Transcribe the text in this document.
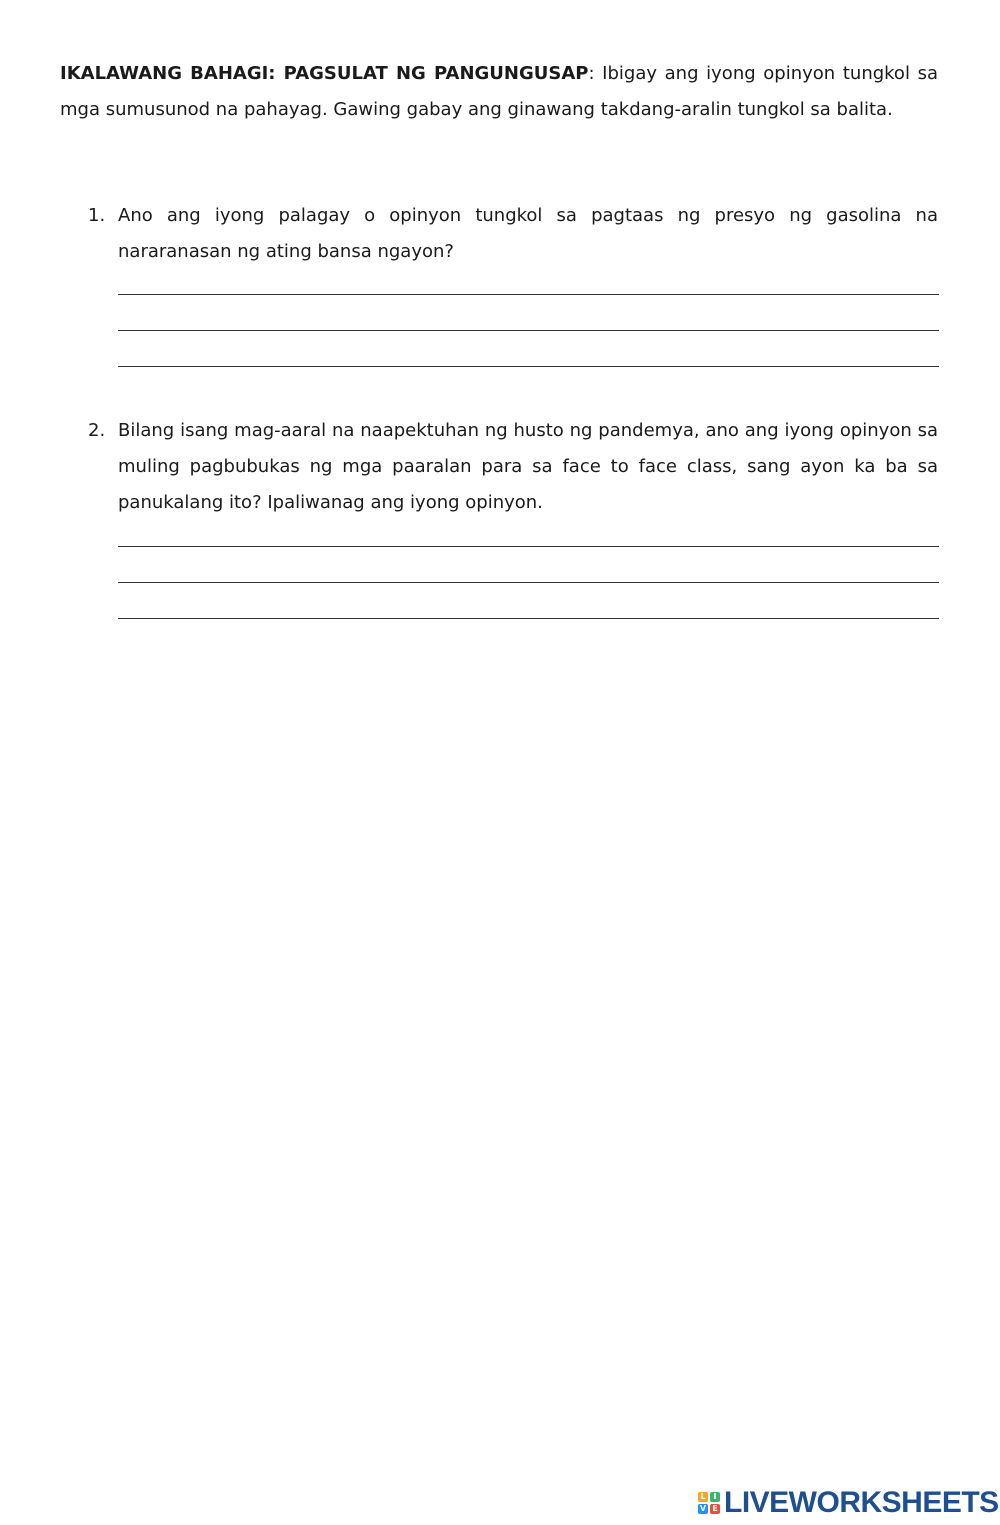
IKALAWANG BAHAGI: PAGSULAT NG PANGUNGUSAP: Ibigay ang iyong opinyon tungkol sa mga sumusunod na pahayag. Gawing gabay ang ginawang takdang-aralin tungkol sa balita.

1. Ano ang iyong palagay o opinyon tungkol sa pagtaas ng presyo ng gasolina na nararanasan ng ating bansa ngayon?
2. Bilang isang mag-aaral na naapektuhan ng husto ng pandemya, ano ang iyong opinyon sa muling pagbubukas ng mga paaralan para sa face to face class, sang ayon ka ba sa panukalang ito? Ipaliwanag ang iyong opinyon.
L I
V E LIVEWORKSHEETS
